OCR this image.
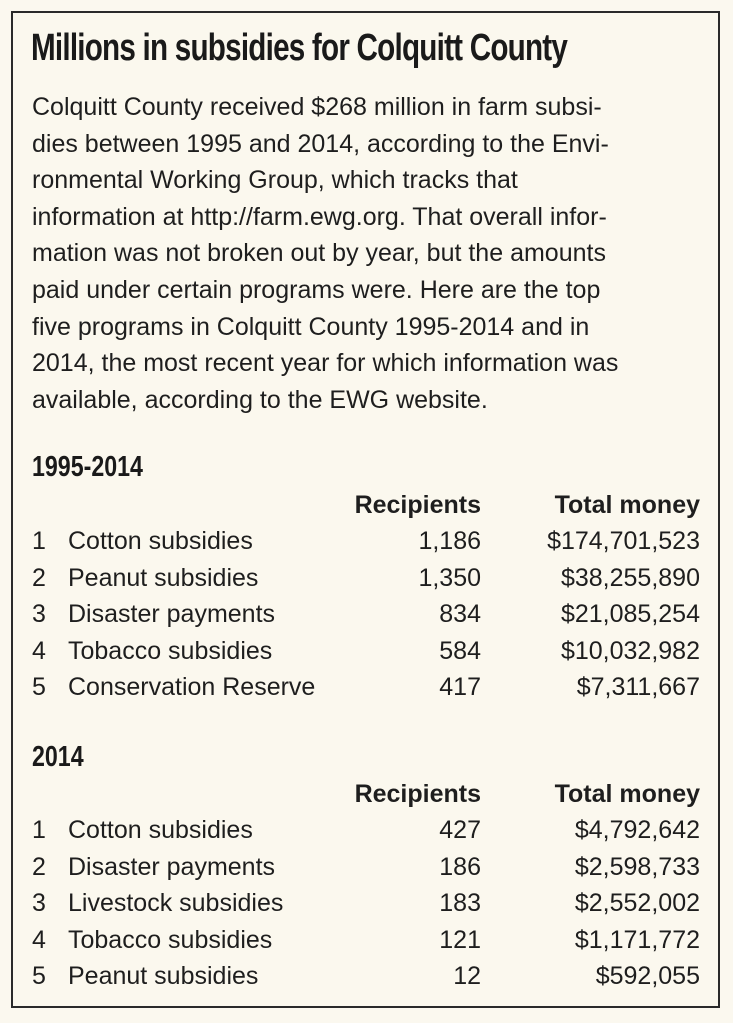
Millions in subsidies for Colquitt County
Colquitt County received $268 million in farm subsi-
dies between 1995 and 2014, according to the Envi-
ronmental Working Group, which tracks that
information at http://farm.ewg.org. That overall infor-
mation was not broken out by year, but the amounts
paid under certain programs were. Here are the top
five programs in Colquitt County 1995-2014 and in
2014, the most recent year for which information was
available, according to the EWG website.
1995-2014
Recipients	Total money
1 Cotton subsidies	1,186	$174,701,523
2 Peanut subsidies	1,350	$38,255,890
3 Disaster payments	834	$21,085,254
4 Tobacco subsidies	584	$10,032,982
5 Conservation Reserve	417	$7,311,667
2014
Recipients	Total money
1 Cotton subsidies	427	$4,792,642
2 Disaster payments	186	$2,598,733
3 Livestock subsidies	183	$2,552,002
4 Tobacco subsidies	121	$1,171,772
5 Peanut subsidies	12	$592,055
